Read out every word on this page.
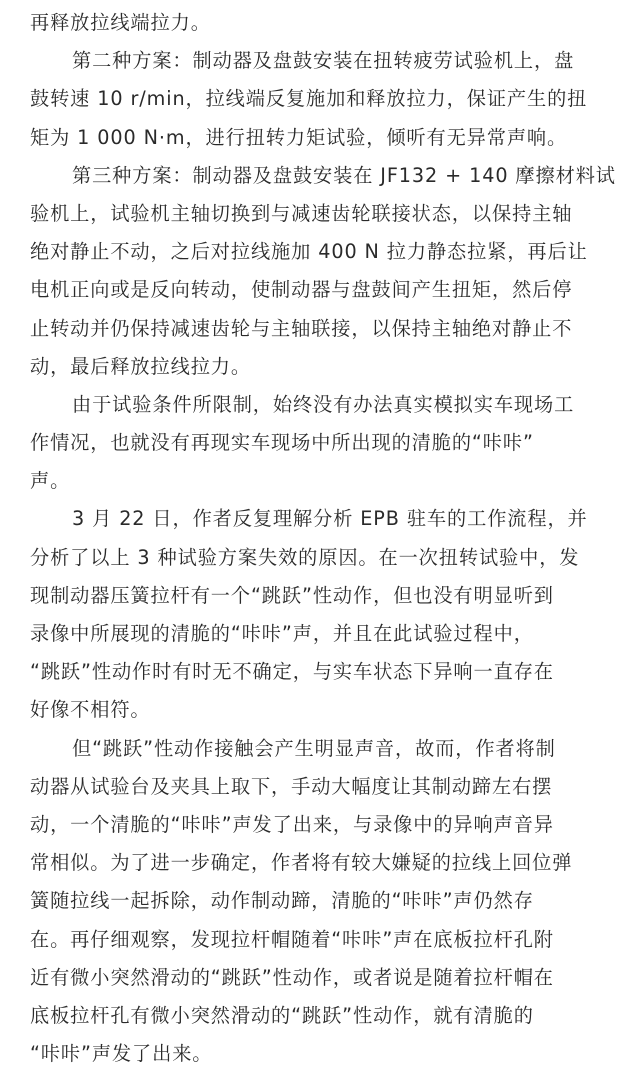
再释放拉线端拉力。
第二种方案：制动器及盘鼓安装在扭转疲劳试验机上，盘
鼓转速 10 r/min，拉线端反复施加和释放拉力，保证产生的扭
矩为 1 000 N·m，进行扭转力矩试验，倾听有无异常声响。
第三种方案：制动器及盘鼓安装在 JF132 + 140 摩擦材料试
验机上，试验机主轴切换到与减速齿轮联接状态，以保持主轴
绝对静止不动，之后对拉线施加 400 N 拉力静态拉紧，再后让
电机正向或是反向转动，使制动器与盘鼓间产生扭矩，然后停
止转动并仍保持减速齿轮与主轴联接，以保持主轴绝对静止不
动，最后释放拉线拉力。
由于试验条件所限制，始终没有办法真实模拟实车现场工
作情况，也就没有再现实车现场中所出现的清脆的“咔咔”
声。
3 月 22 日，作者反复理解分析 EPB 驻车的工作流程，并
分析了以上 3 种试验方案失效的原因。在一次扭转试验中，发
现制动器压簧拉杆有一个“跳跃”性动作，但也没有明显听到
录像中所展现的清脆的“咔咔”声，并且在此试验过程中，
“跳跃”性动作时有时无不确定，与实车状态下异响一直存在
好像不相符。
但“跳跃”性动作接触会产生明显声音，故而，作者将制
动器从试验台及夹具上取下，手动大幅度让其制动蹄左右摆
动，一个清脆的“咔咔”声发了出来，与录像中的异响声音异
常相似。为了进一步确定，作者将有较大嫌疑的拉线上回位弹
簧随拉线一起拆除，动作制动蹄，清脆的“咔咔”声仍然存
在。再仔细观察，发现拉杆帽随着“咔咔”声在底板拉杆孔附
近有微小突然滑动的“跳跃”性动作，或者说是随着拉杆帽在
底板拉杆孔有微小突然滑动的“跳跃”性动作，就有清脆的
“咔咔”声发了出来。
